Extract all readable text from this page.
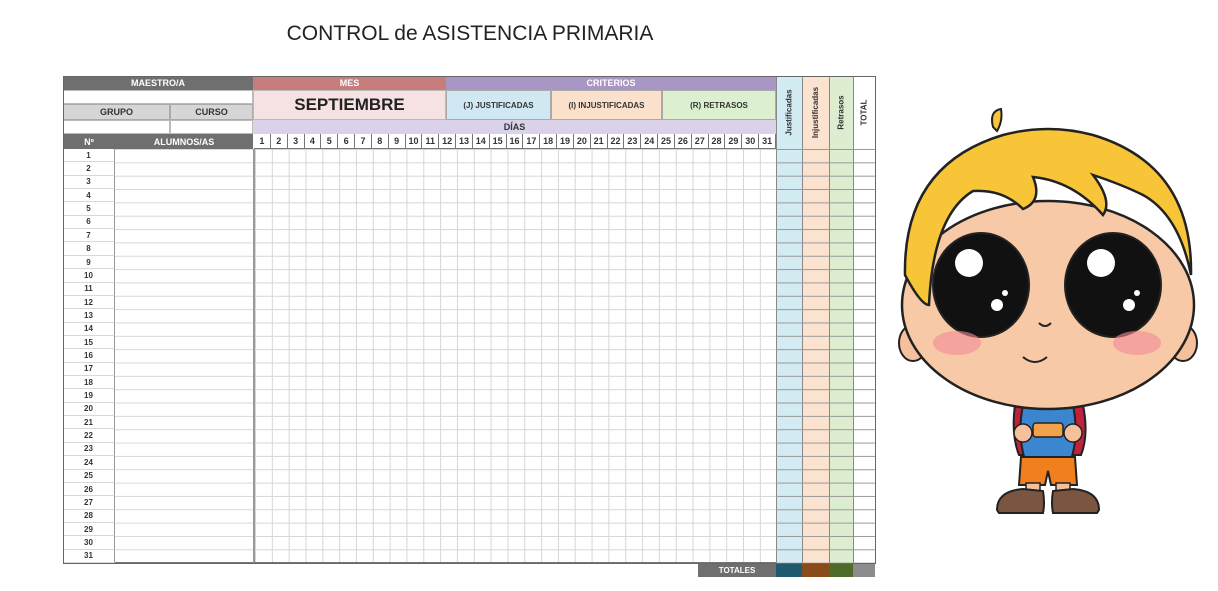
CONTROL de ASISTENCIA PRIMARIA
MAESTRO/A	MES	CRITERIOS
GRUPO	CURSO	SEPTIEMBRE	(J) JUSTIFICADAS	(I) INJUSTIFICADAS	(R) RETRASOS
DÍAS
Nº	ALUMNOS/AS	1	2	3	4	5	6	7	8	9	10 11 12 13 14 15 16 17 18 19 20 21 22 23 24 25 26 27 28 29 30 31
1
2
3
4
5
6
7
8
9
10
11
12
13
14
15
16
17
18
19
20
21
22
23
24
25
26
27
28
29
30
31
Justificadas Injustificadas Retrasos TOTAL
TOTALES
